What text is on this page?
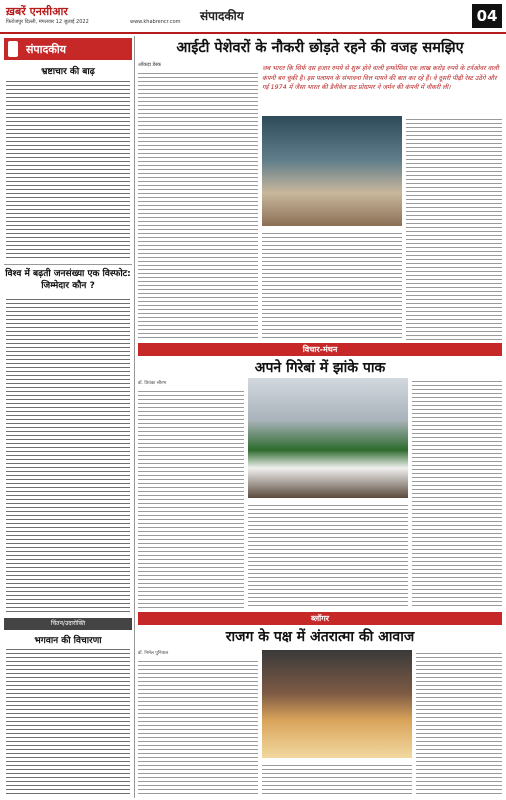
ख़बरें एनसीआर
फिरोजपुर दिल्ली, मंगलवार 12 जुलाई 2022	www.khabrencr.com संपादकीय	04
संपादकीय
भ्रष्टाचार की बाढ़
विश्व में बढ़ती जनसंख्या एक विस्फोट: जिम्मेदार कौन ?
चिंतन/उदारोक्ति
भगवान की विचारणा
आईटी पेशेवरों के नौकरी छोड़ते रहने की वजह समझिए
आँकड़ा डेस्क	जब भारत कि सिर्फ दस हजार रुपये से शुरू होने वाली इन्फोसिस एक लाख करोड़ रुपये के टर्नओवर वाली कंपनी बन चुकी है। इस पलायन के संभावना वित्त मायने की बात कर रहे हैं। वे दूसरी पीढ़ी रेस्ट उठेंगे और गई 1974 में जैसा भारत की डैनीवेल डाट प्रोग्रामर ने जर्मन की कंपनी में नौकरी ली।
विचार-मंथन
अपने गिरेबां में झांके पाक
डॉ. प्रियंका सौरभ
ब्लॉगर
राजग के पक्ष में अंतरात्मा की आवाज
डॉ. निर्मल पुनियाल
